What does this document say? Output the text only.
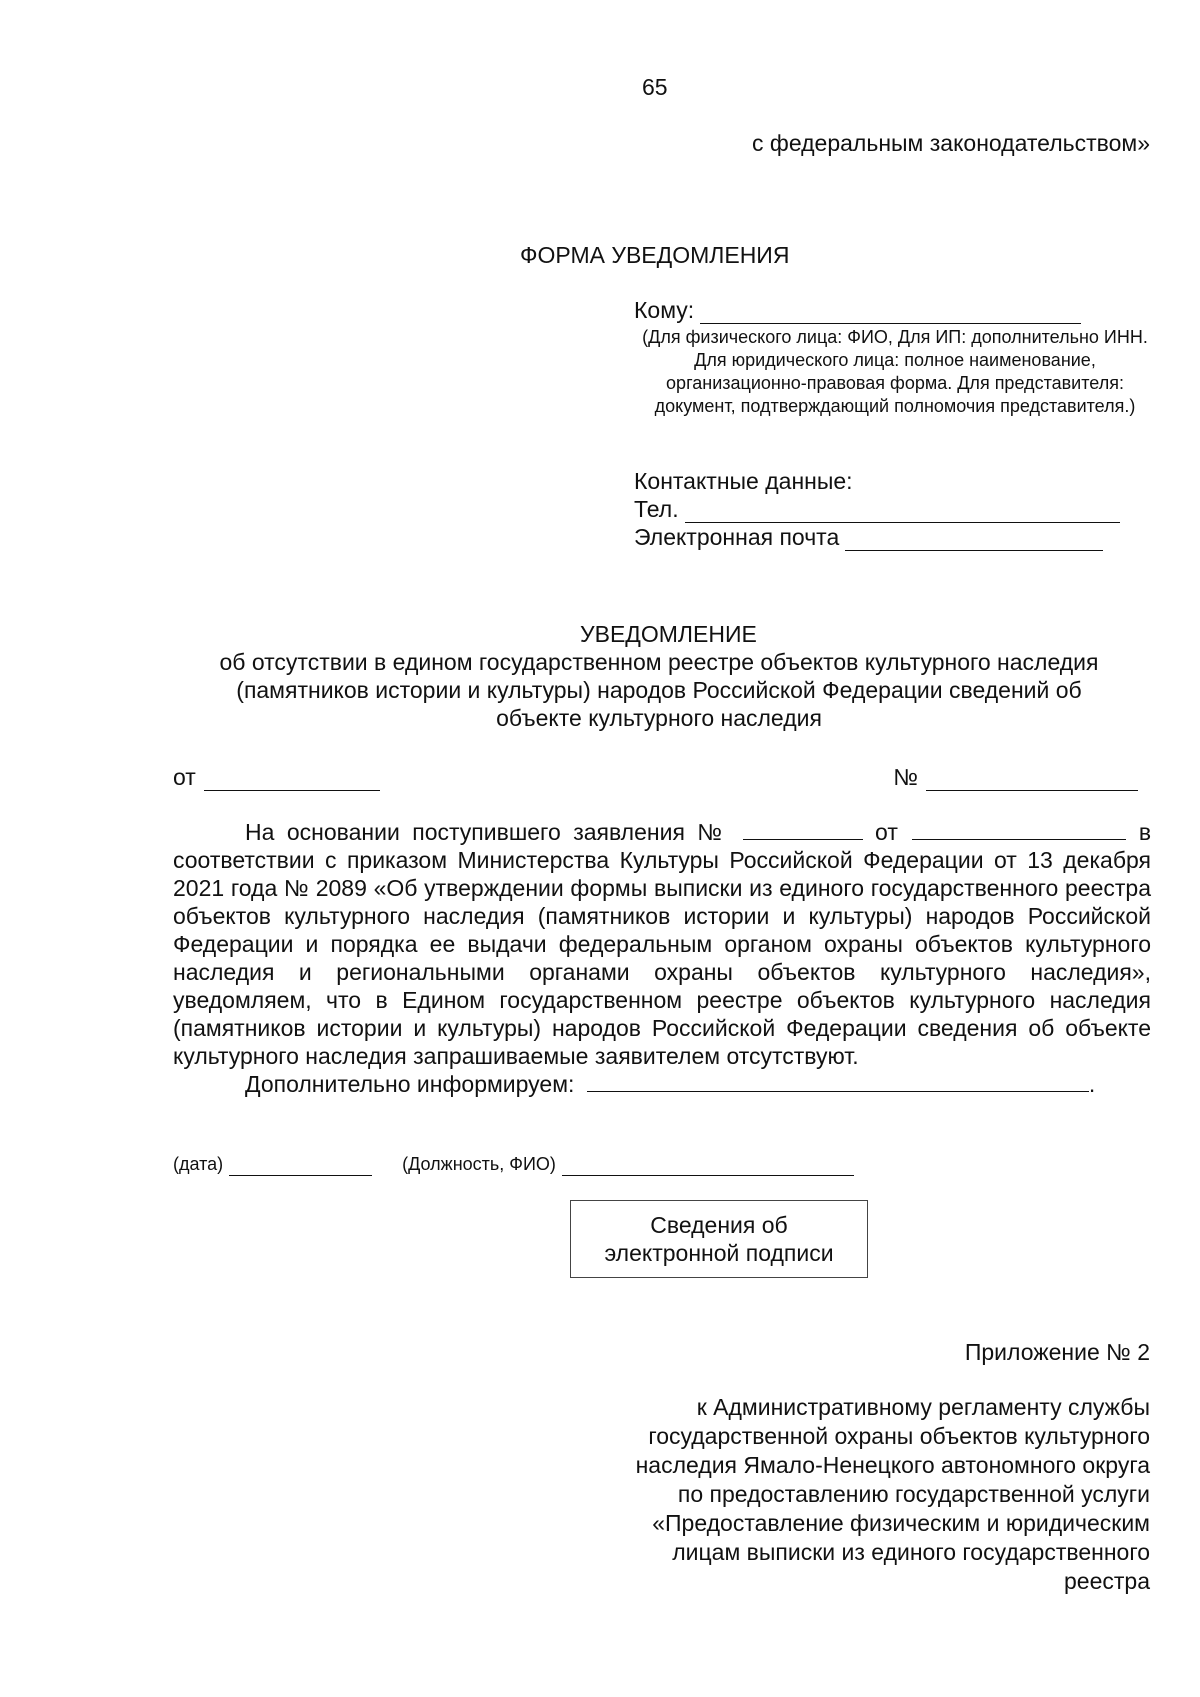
65
с федеральным законодательством»
ФОРМА УВЕДОМЛЕНИЯ
Кому:
(Для физического лица: ФИО, Для ИП: дополнительно ИНН. Для юридического лица: полное наименование, организационно-правовая форма. Для представителя: документ, подтверждающий полномочия представителя.)
Контактные данные:
Тел.
Электронная почта
УВЕДОМЛЕНИЕ
об отсутствии в едином государственном реестре объектов культурного наследия (памятников истории и культуры) народов Российской Федерации сведений об объекте культурного наследия
от	№

На основании поступившего заявления №	от	в соответствии с приказом Министерства Культуры Российской Федерации от 13 декабря 2021 года № 2089 «Об утверждении формы выписки из единого государственного реестра объектов культурного наследия (памятников истории и культуры) народов Российской Федерации и порядка ее выдачи федеральным органом охраны объектов культурного наследия и региональными органами охраны объектов культурного наследия», уведомляем, что в Едином государственном реестре объектов культурного наследия (памятников истории и культуры) народов Российской Федерации сведения об объекте культурного наследия запрашиваемые заявителем отсутствуют.

Дополнительно информируем:	.

(дата)	(Должность, ФИО)
Сведения об электронной подписи
Приложение № 2
к Административному регламенту службы государственной охраны объектов культурного наследия Ямало-Ненецкого автономного округа по предоставлению государственной услуги «Предоставление физическим и юридическим лицам выписки из единого государственного реестра
